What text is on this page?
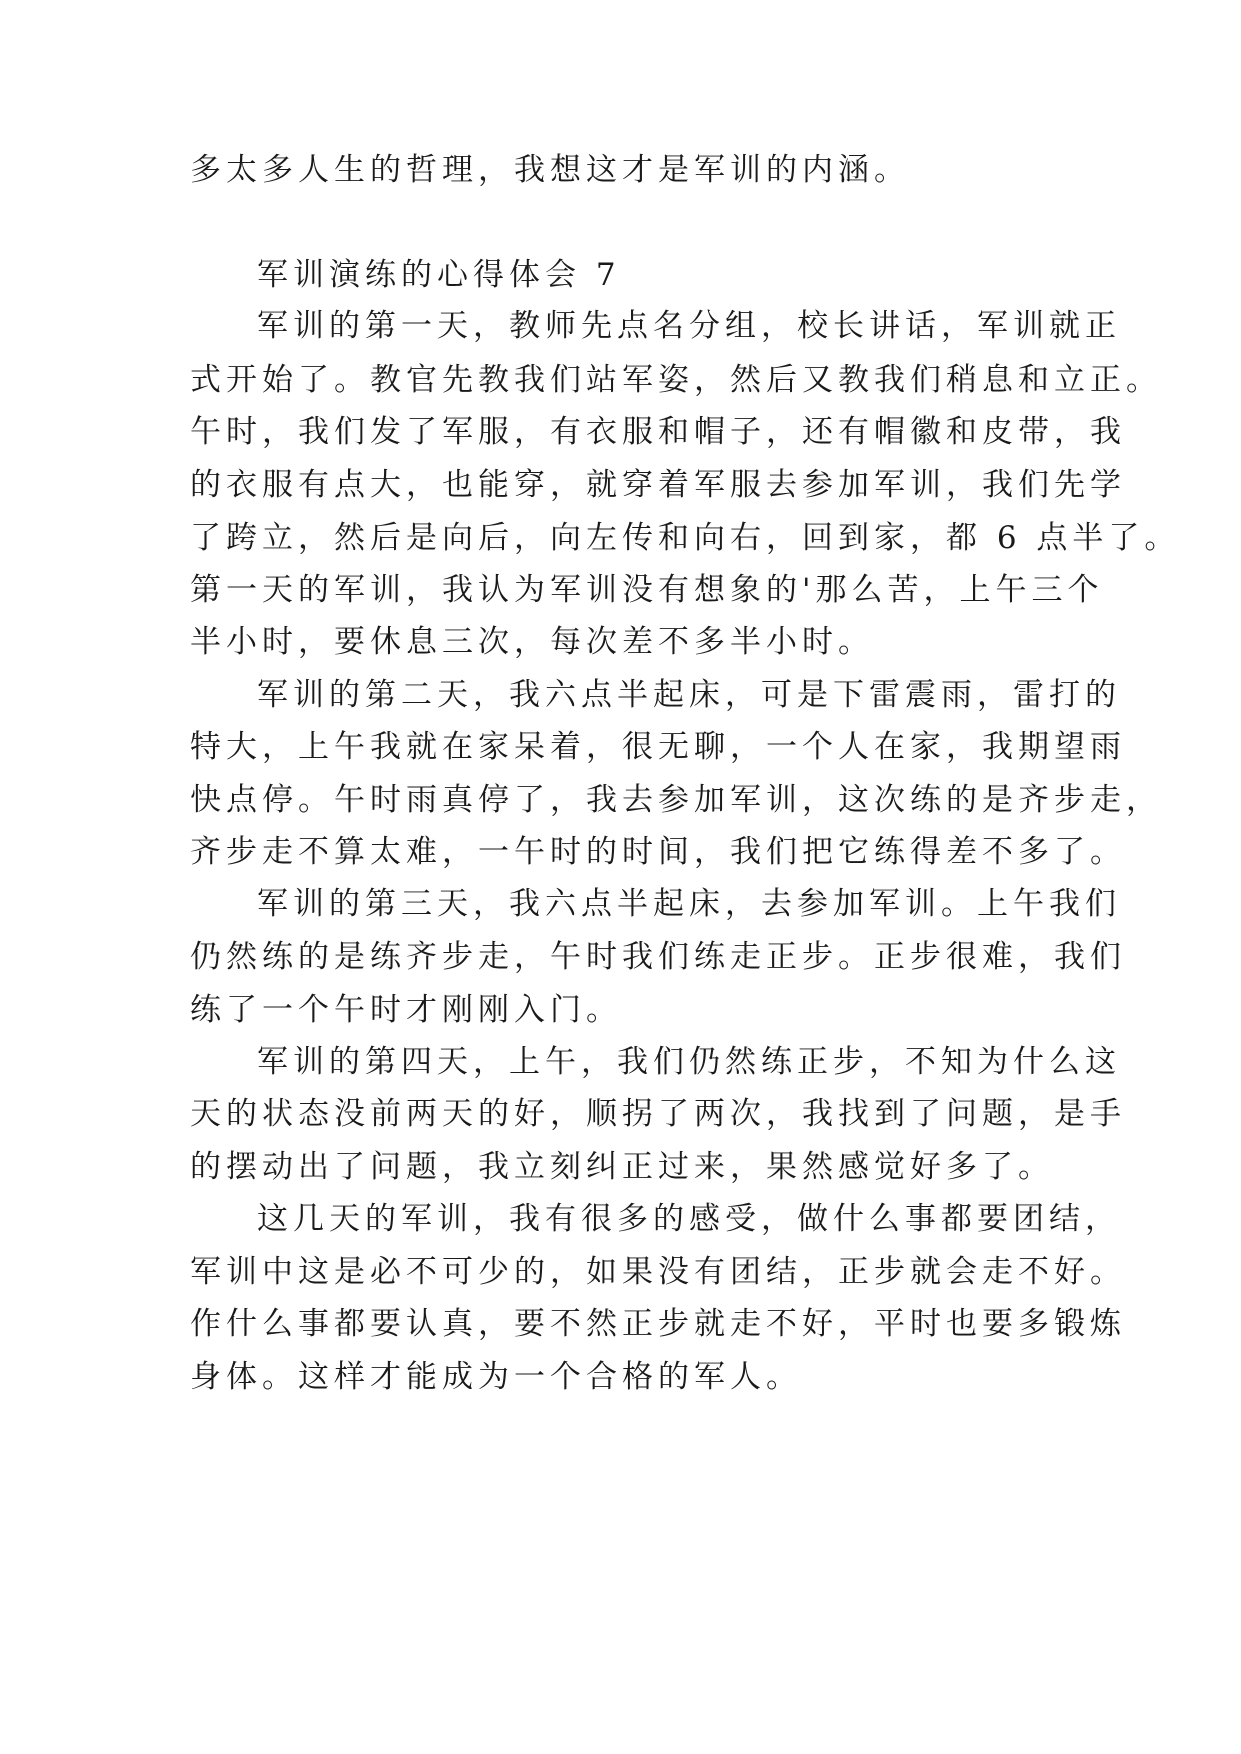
多太多人生的哲理，我想这才是军训的内涵。
军训演练的心得体会 7
军训的第一天，教师先点名分组，校长讲话，军训就正
式开始了。教官先教我们站军姿，然后又教我们稍息和立正。
午时，我们发了军服，有衣服和帽子，还有帽徽和皮带，我
的衣服有点大，也能穿，就穿着军服去参加军训，我们先学
了跨立，然后是向后，向左传和向右，回到家，都 6 点半了。
第一天的军训，我认为军训没有想象的'那么苦，上午三个
半小时，要休息三次，每次差不多半小时。
军训的第二天，我六点半起床，可是下雷震雨，雷打的
特大，上午我就在家呆着，很无聊，一个人在家，我期望雨
快点停。午时雨真停了，我去参加军训，这次练的是齐步走，
齐步走不算太难，一午时的时间，我们把它练得差不多了。
军训的第三天，我六点半起床，去参加军训。上午我们
仍然练的是练齐步走，午时我们练走正步。正步很难，我们
练了一个午时才刚刚入门。
军训的第四天，上午，我们仍然练正步，不知为什么这
天的状态没前两天的好，顺拐了两次，我找到了问题，是手
的摆动出了问题，我立刻纠正过来，果然感觉好多了。
这几天的军训，我有很多的感受，做什么事都要团结，
军训中这是必不可少的，如果没有团结，正步就会走不好。
作什么事都要认真，要不然正步就走不好，平时也要多锻炼
身体。这样才能成为一个合格的军人。
